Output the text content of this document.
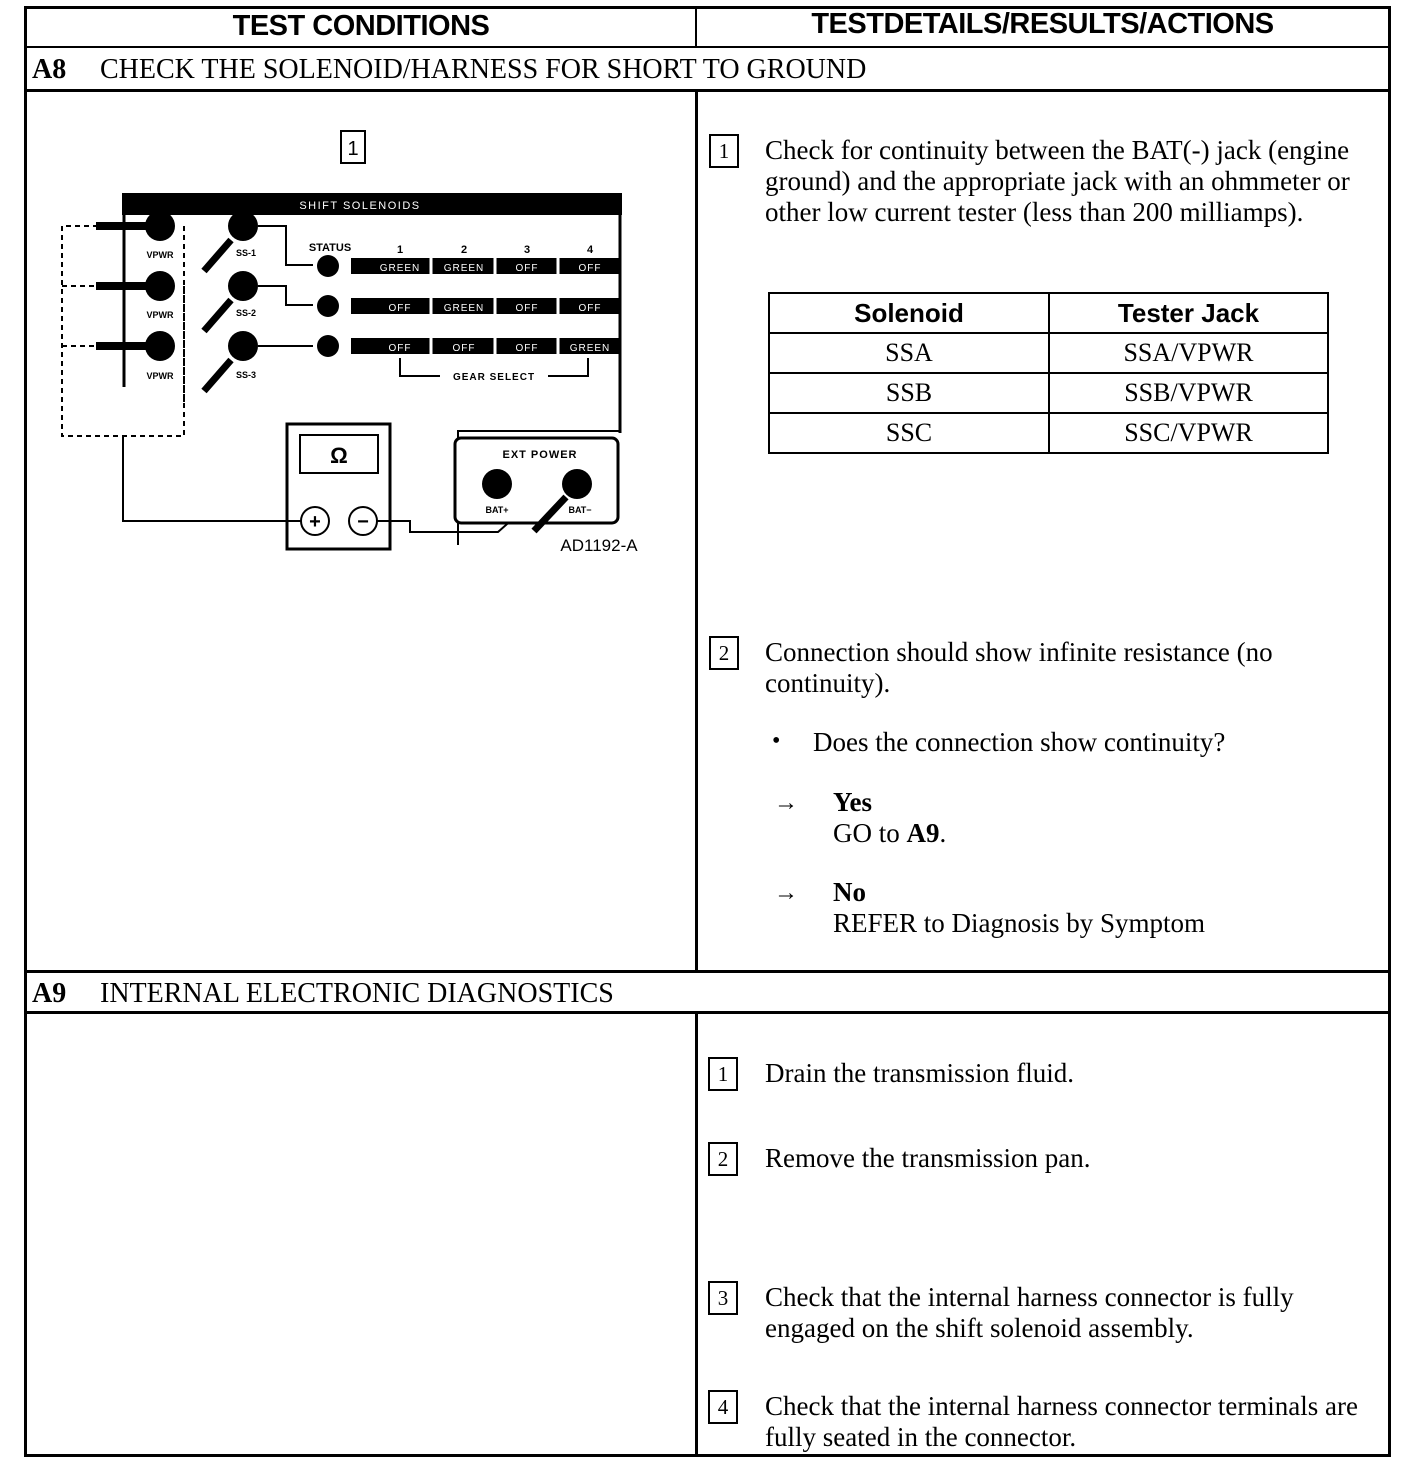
TEST CONDITIONS	TESTDETAILS/RESULTS/ACTIONS
A8 CHECK THE SOLENOID/HARNESS FOR SHORT TO GROUND
1
SHIFT SOLENOIDS
STATUS	1	2	3	4
VPWR
VPWR
VPWR
SS-1
SS-2
SS-3
GREEN GREEN	OFF	OFF
OFF	GREEN	OFF	OFF
OFF	OFF	OFF	GREEN
GEAR SELECT
Ω
+ −
EXT POWER
BAT+	BAT−
AD1192-A
1	Check for continuity between the BAT(-) jack (engine ground) and the appropriate jack with an ohmmeter or other low current tester (less than 200 milliamps).
Solenoid	Tester Jack
SSA	SSA/VPWR
SSB	SSB/VPWR
SSC	SSC/VPWR
2	Connection should show infinite resistance (no continuity).
• Does the connection show continuity?
→ Yes
GO to A9.
→ No
REFER to Diagnosis by Symptom
A9 INTERNAL ELECTRONIC DIAGNOSTICS
1	Drain the transmission fluid.
2	Remove the transmission pan.
3	Check that the internal harness connector is fully engaged on the shift solenoid assembly.
4	Check that the internal harness connector terminals are fully seated in the connector.
